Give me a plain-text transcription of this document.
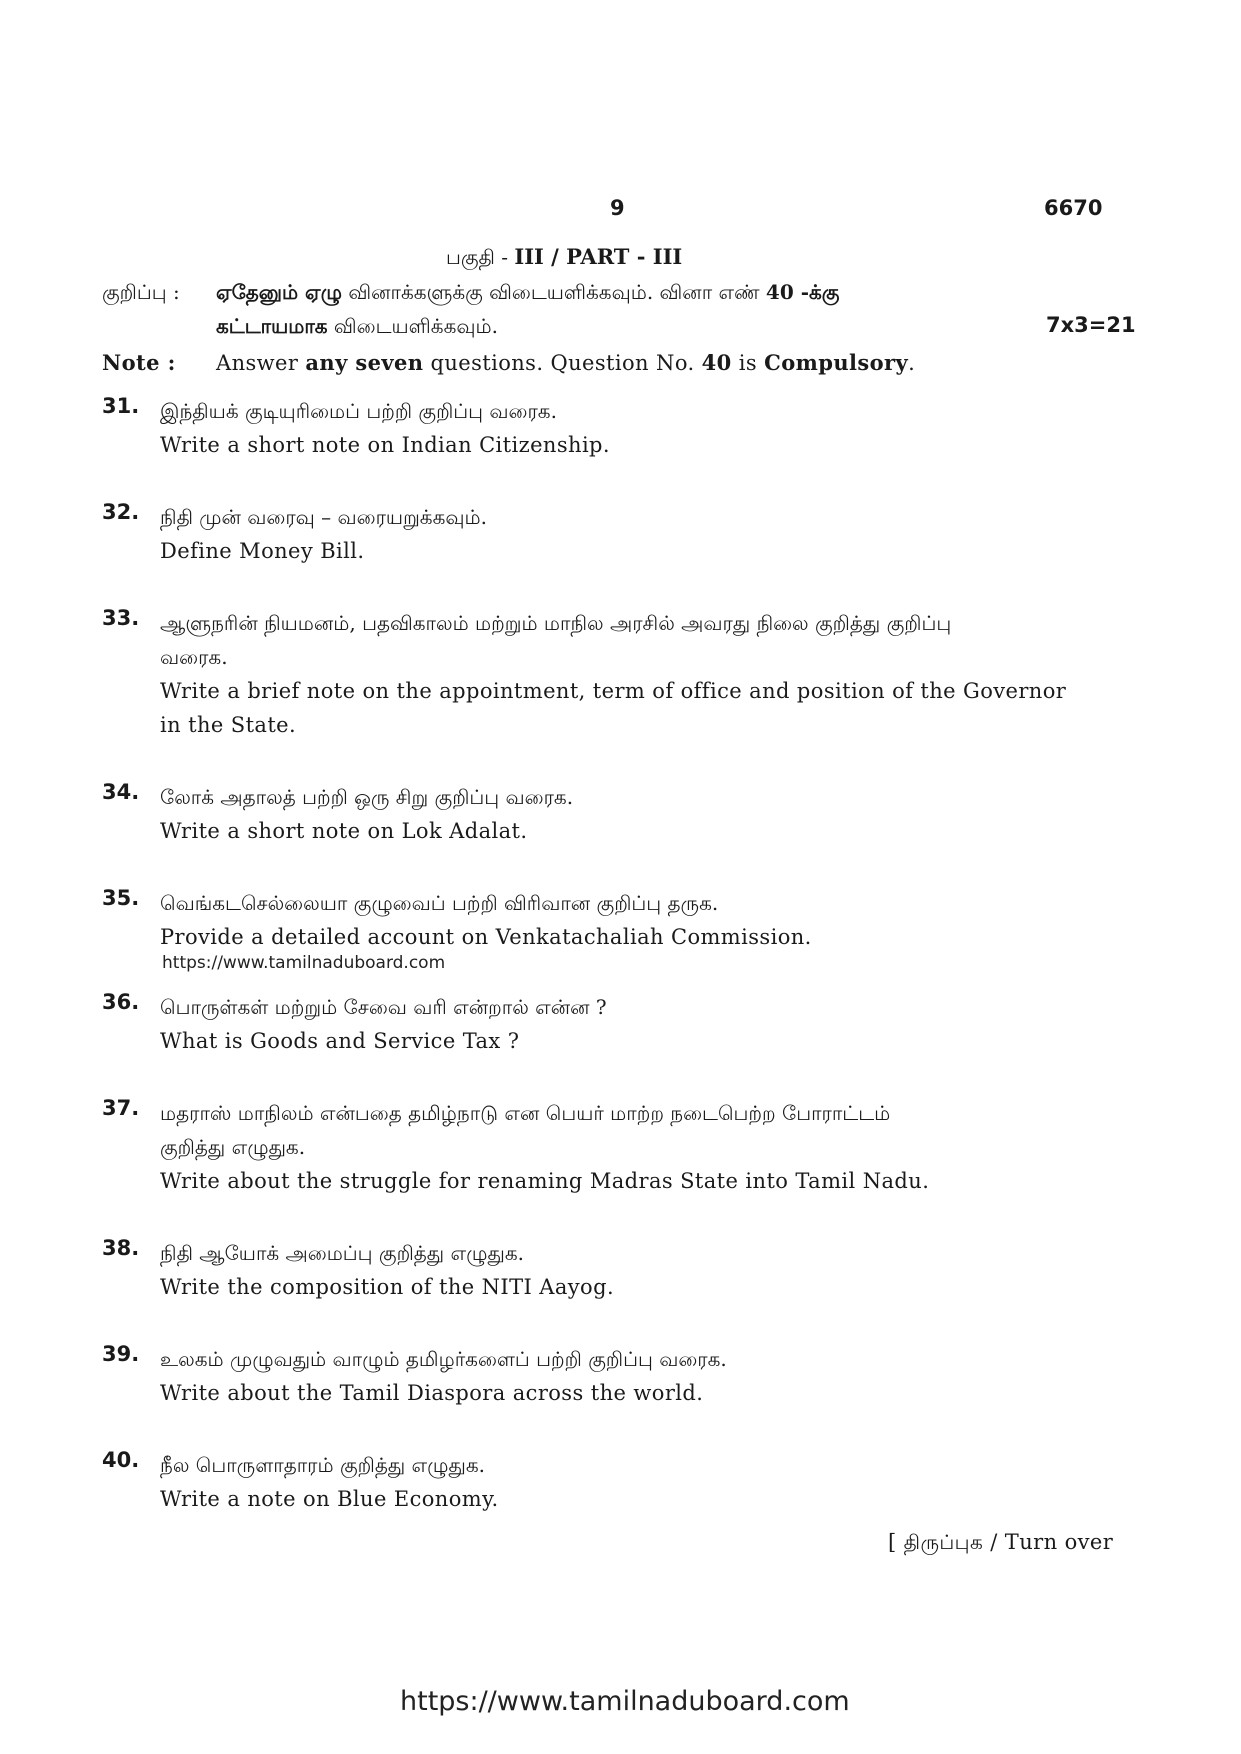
9	6670
பகுதி - III / PART - III
குறிப்பு : ஏதேனும் ஏழு வினாக்களுக்கு விடையளிக்கவும். வினா எண் 40 -க்கு
கட்டாயமாக விடையளிக்கவும்.	7x3=21
Note : Answer any seven questions. Question No. 40 is Compulsory.
31. இந்தியக் குடியுரிமைப் பற்றி குறிப்பு வரைக.
Write a short note on Indian Citizenship.
32. நிதி முன் வரைவு – வரையறுக்கவும்.
Define Money Bill.
33. ஆளுநரின் நியமனம், பதவிகாலம் மற்றும் மாநில அரசில் அவரது நிலை குறித்து குறிப்பு
வரைக.
Write a brief note on the appointment, term of office and position of the Governor
in the State.
34. லோக் அதாலத் பற்றி ஒரு சிறு குறிப்பு வரைக.
Write a short note on Lok Adalat.
35. வெங்கடசெல்லையா குழுவைப் பற்றி விரிவான குறிப்பு தருக.
Provide a detailed account on Venkatachaliah Commission.
https://www.tamilnaduboard.com
36. பொருள்கள் மற்றும் சேவை வரி என்றால் என்ன ?
What is Goods and Service Tax ?
37. மதராஸ் மாநிலம் என்பதை தமிழ்நாடு என பெயர் மாற்ற நடைபெற்ற போராட்டம்
குறித்து எழுதுக.
Write about the struggle for renaming Madras State into Tamil Nadu.
38. நிதி ஆயோக் அமைப்பு குறித்து எழுதுக.
Write the composition of the NITI Aayog.
39. உலகம் முழுவதும் வாழும் தமிழர்களைப் பற்றி குறிப்பு வரைக.
Write about the Tamil Diaspora across the world.
40. நீல பொருளாதாரம் குறித்து எழுதுக.
Write a note on Blue Economy.
[ திருப்புக / Turn over
https://www.tamilnaduboard.com
